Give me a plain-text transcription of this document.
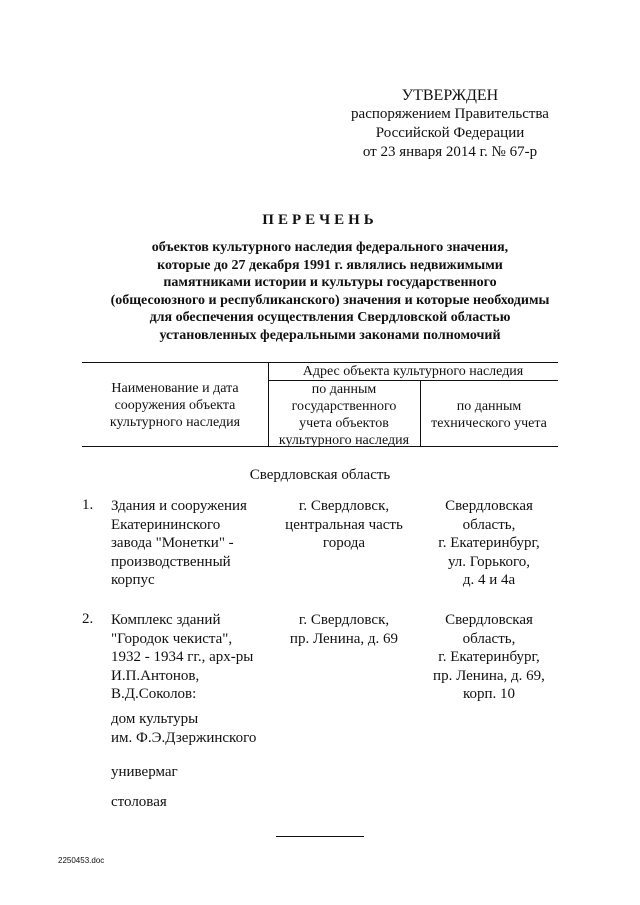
УТВЕРЖДЕН
распоряжением Правительства
Российской Федерации
от 23 января 2014 г. № 67-р
ПЕРЕЧЕНЬ
объектов культурного наследия федерального значения,
которые до 27 декабря 1991 г. являлись недвижимыми
памятниками истории и культуры государственного
(общесоюзного и республиканского) значения и которые необходимы
для обеспечения осуществления Свердловской областью
установленных федеральными законами полномочий
Наименование и дата
сооружения объекта
культурного наследия
Адрес объекта культурного наследия
по данным
государственного
учета объектов
культурного наследия
по данным
технического учета
Свердловская область
1. Здания и сооружения
Екатерининского
завода "Монетки" -
производственный
корпус
г. Свердловск,
центральная часть
города
Свердловская
область,
г. Екатеринбург,
ул. Горького,
д. 4 и 4а
2. Комплекс зданий
"Городок чекиста",
1932 - 1934 гг., арх-ры
И.П.Антонов,
В.Д.Соколов:
г. Свердловск,
пр. Ленина, д. 69
Свердловская
область,
г. Екатеринбург,
пр. Ленина, д. 69,
корп. 10
дом культуры
им. Ф.Э.Дзержинского
универмаг
столовая
2250453.doc
